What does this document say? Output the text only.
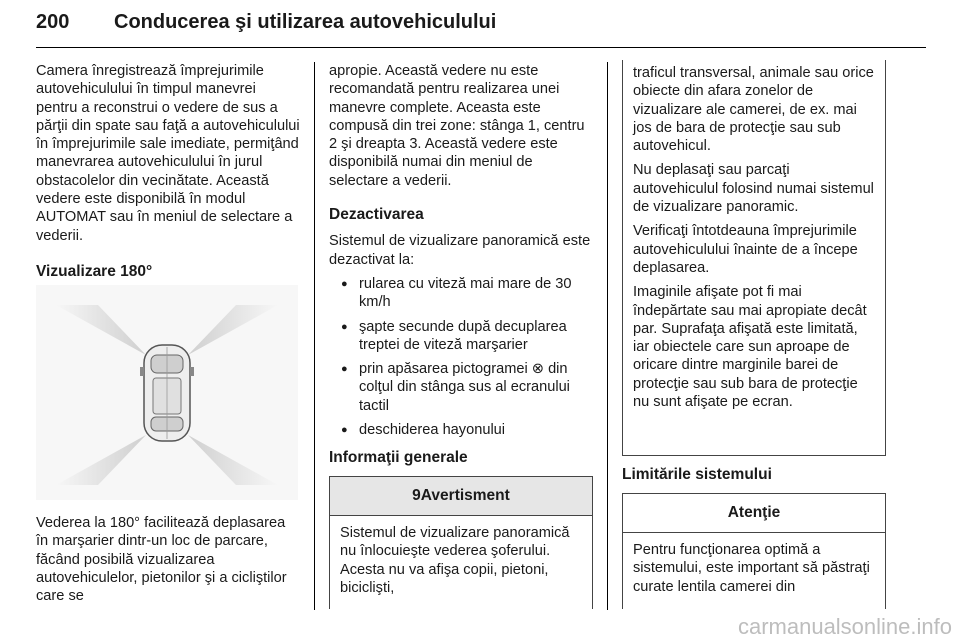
200 Conducerea şi utilizarea autovehiculului

Camera înregistrează împrejurimile autovehiculului în timpul manevrei pentru a reconstrui o vedere de sus a părţii din spate sau faţă a autovehiculului în împrejurimile sale imediate, permiţând manevrarea autovehiculului în jurul obstacolelor din vecinătate. Această vedere este disponibilă în modul AUTOMAT sau în meniul de selectare a vederii.

Vizualizare 180°

Vederea la 180° facilitează deplasarea în marşarier dintr-un loc de parcare, făcând posibilă vizualizarea autovehiculelor, pietonilor şi a cicliştilor care se

apropie. Această vedere nu este recomandată pentru realizarea unei manevre complete. Aceasta este compusă din trei zone: stânga 1, centru 2 şi dreapta 3. Această vedere este disponibilă numai din meniul de selectare a vederii.

Dezactivarea

Sistemul de vizualizare panoramică este dezactivat la:

● rularea cu viteză mai mare de 30 km/h
● şapte secunde după decuplarea treptei de viteză marşarier
● prin apăsarea pictogramei ⊗ din colţul din stânga sus al ecranului tactil
● deschiderea hayonului
Informaţii generale
9Avertisment
Sistemul de vizualizare panoramică nu înlocuieşte vederea şoferului. Acesta nu va afişa copii, pietoni, biciclişti,

traficul transversal, animale sau orice obiecte din afara zonelor de vizualizare ale camerei, de ex. mai jos de bara de protecţie sau sub autovehicul.

Nu deplasaţi sau parcaţi autovehiculul folosind numai sistemul de vizualizare panoramic.

Verificaţi întotdeauna împrejurimile autovehiculului înainte de a începe deplasarea.

Imaginile afişate pot fi mai îndepărtate sau mai apropiate decât par. Suprafaţa afişată este limitată, iar obiectele care sun aproape de oricare dintre marginile barei de protecţie sau sub bara de protecţie nu sunt afişate pe ecran.

Limitările sistemului
Atenţie
Pentru funcţionarea optimă a sistemului, este important să păstraţi curate lentila camerei din
carmanualsonline.info
